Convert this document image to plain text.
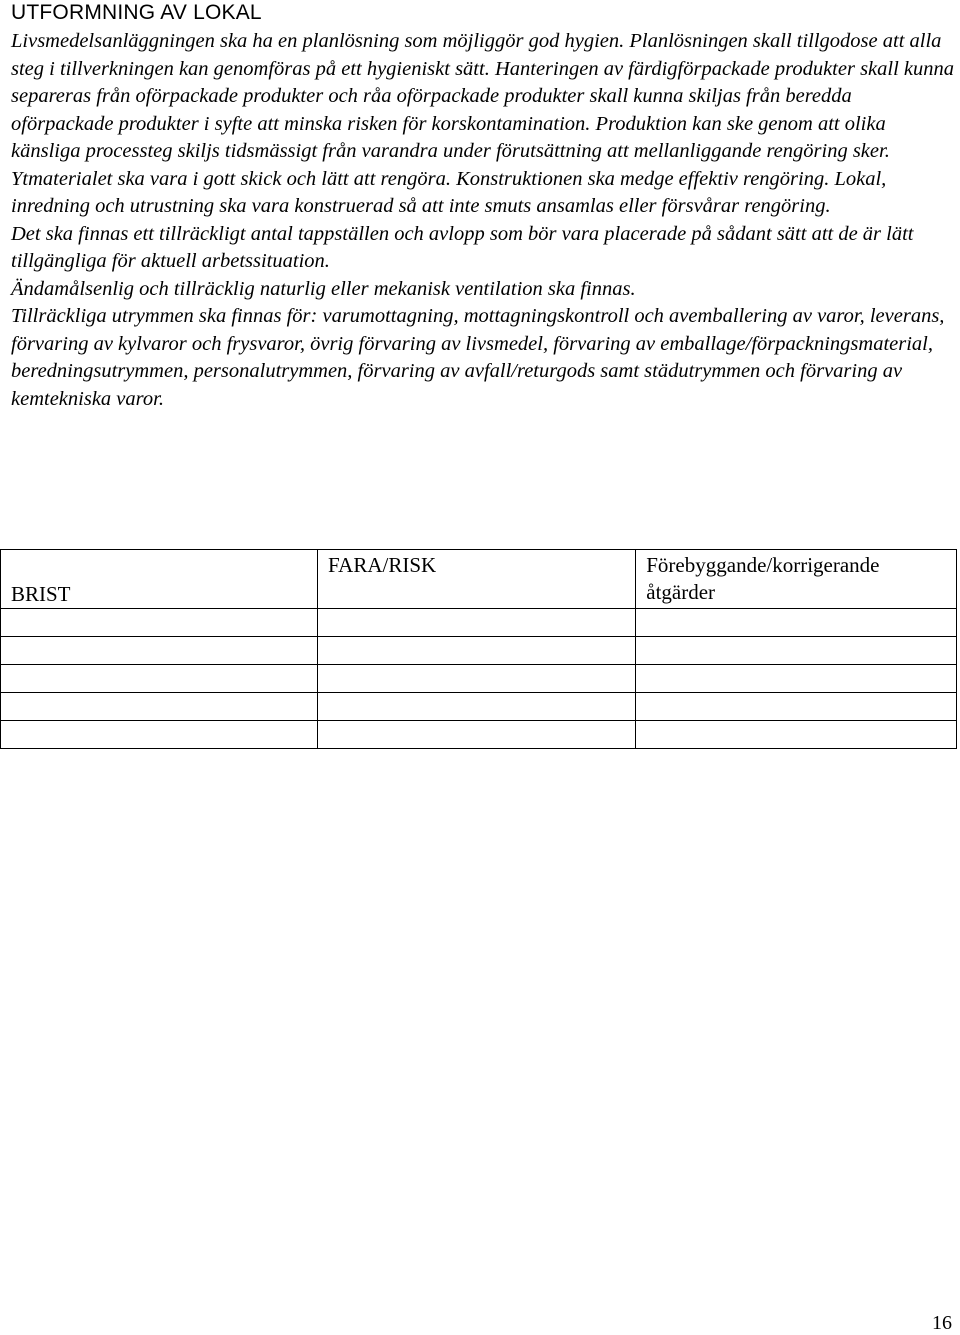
UTFORMNING AV LOKAL

Livsmedelsanläggningen ska ha en planlösning som möjliggör god hygien. Planlösningen skall tillgodose att alla steg i tillverkningen kan genomföras på ett hygieniskt sätt. Hanteringen av färdigförpackade produkter skall kunna separeras från oförpackade produkter och råa oförpackade produkter skall kunna skiljas från beredda oförpackade produkter i syfte att minska risken för korskontamination. Produktion kan ske genom att olika känsliga processteg skiljs tidsmässigt från varandra under förutsättning att mellanliggande rengöring sker.

Ytmaterialet ska vara i gott skick och lätt att rengöra. Konstruktionen ska medge effektiv rengöring. Lokal, inredning och utrustning ska vara konstruerad så att inte smuts ansamlas eller försvårar rengöring.

Det ska finnas ett tillräckligt antal tappställen och avlopp som bör vara placerade på sådant sätt att de är lätt tillgängliga för aktuell arbetssituation.

Ändamålsenlig och tillräcklig naturlig eller mekanisk ventilation ska finnas.

Tillräckliga utrymmen ska finnas för: varumottagning, mottagningskontroll och avemballering av varor, leverans, förvaring av kylvaror och frysvaror, övrig förvaring av livsmedel, förvaring av emballage/förpackningsmaterial, beredningsutrymmen, personalutrymmen, förvaring av avfall/returgods samt städutrymmen och förvaring av kemtekniska varor.

BRIST	FARA/RISK	Förebyggande/korrigerande åtgärder

16
